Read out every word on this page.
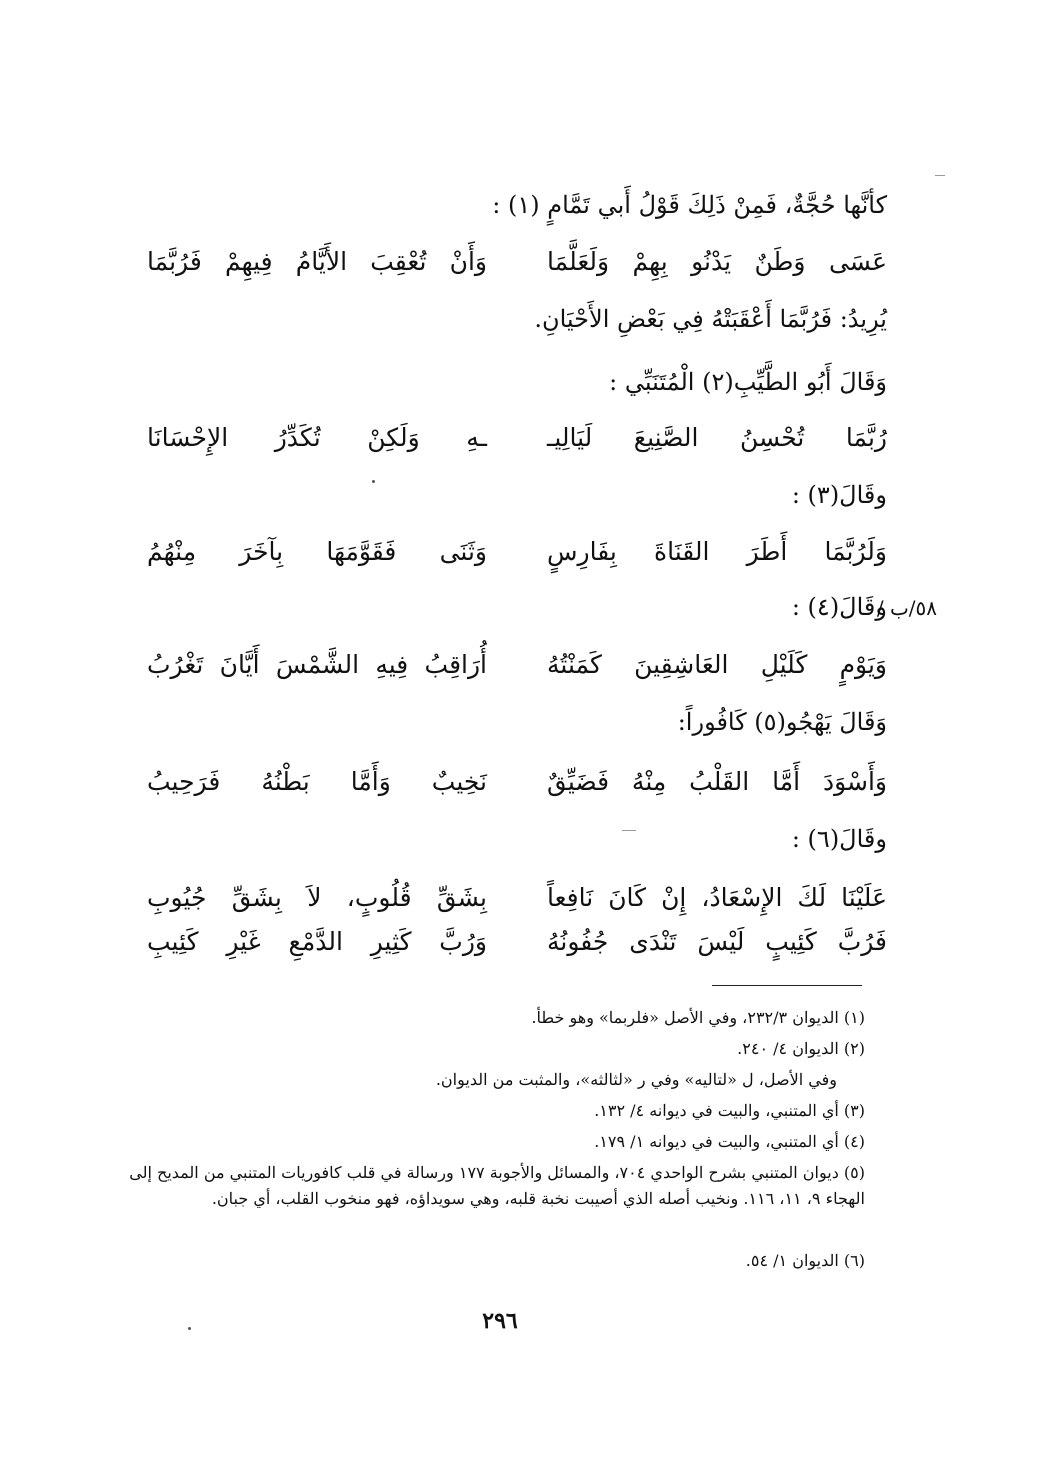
كأنَّها حُجَّةٌ، فَمِنْ ذَلِكَ قَوْلُ أَبي تَمَّامٍ (١) :
عَسَى وَطَنٌ يَدْنُو بِهِمْ وَلَعَلَّمَا
وَأَنْ تُعْقِبَ الأَيَّامُ فِيهِمْ فَرُبَّمَا
يُرِيدُ: فَرُبَّمَا أَعْقَبَتْهُ فِي بَعْضِ الأَحْيَانِ.
وَقَالَ أَبُو الطَّيِّبِ(٢) الْمُتَنَبِّي :
رُبَّمَا تُحْسِنُ الصَّنِيعَ لَيَالِيـ
ـهِ وَلَكِنْ تُكَدِّرُ الإِحْسَانَا
وقَالَ(٣) :
وَلَرُبَّمَا أَطَرَ القَنَاةَ بِفَارِسٍ
وَثَنَى فَقَوَّمَهَا بِآخَرَ مِنْهُمُ
٥٨/ب /
وقَالَ(٤) :
وَيَوْمٍ كَلَيْلِ العَاشِقِينَ كَمَنْتُهُ
أُرَاقِبُ فِيهِ الشَّمْسَ أَيَّانَ تَغْرُبُ
وَقَالَ يَهْجُو(٥) كَافُوراً:
وَأَسْوَدَ أَمَّا القَلْبُ مِنْهُ فَضَيِّقٌ
نَخِيبٌ وَأَمَّا بَطْنُهُ فَرَحِيبُ
وقَالَ(٦) :
عَلَيْنَا لَكَ الإِسْعَادُ، إِنْ كَانَ نَافِعاً
بِشَقِّ قُلُوبٍ، لاَ بِشَقِّ جُيُوبِ
فَرُبَّ كَئِيبٍ لَيْسَ تَنْدَى جُفُونُهُ
وَرُبَّ كَثِيرِ الدَّمْعِ غَيْرِ كَئِيبِ
(١) الديوان ٢٣٢/٣، وفي الأصل «فلربما» وهو خطأ.
(٢) الديوان ٤/ ٢٤٠.
وفي الأصل، ل «لتاليه» وفي ر «لثالثه»، والمثبت من الديوان.
(٣) أي المتنبي، والبيت في ديوانه ٤/ ١٣٢.
(٤) أي المتنبي، والبيت في ديوانه ١/ ١٧٩.
(٥) ديوان المتنبي بشرح الواحدي ٧٠٤، والمسائل والأجوبة ١٧٧ ورسالة في قلب كافوريات المتنبي من المديح إلى الهجاء ٩، ١١، ١١٦. ونخيب أصله الذي أصيبت نخبة قلبه، وهي سويداؤه، فهو منخوب القلب، أي جبان.
(٦) الديوان ١/ ٥٤.
٢٩٦
